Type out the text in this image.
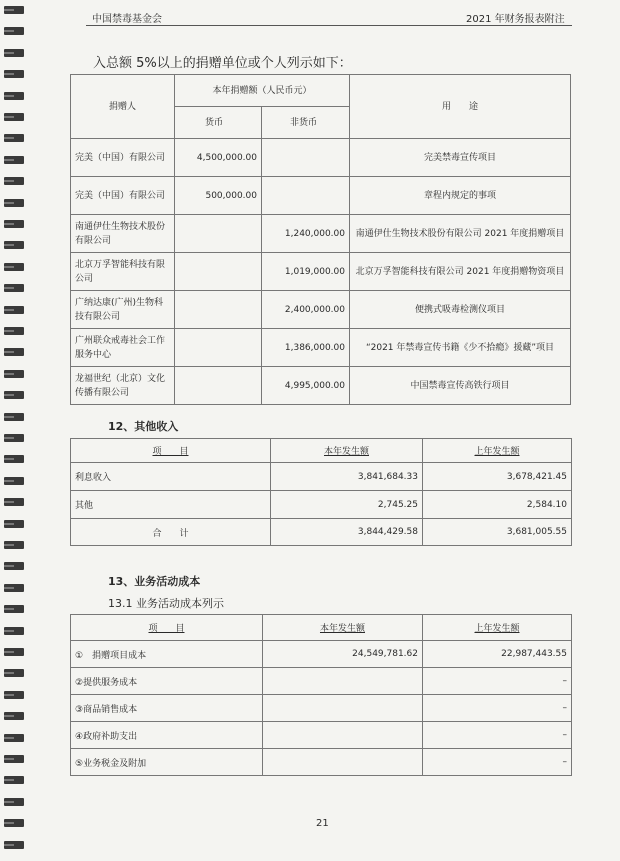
中国禁毒基金会	2021 年财务报表附注
入总额 5%以上的捐赠单位或个人列示如下：
捐赠人	本年捐赠额（人民币元）		用　　途
	货币	非货币	
完美（中国）有限公司	4,500,000.00		完美禁毒宣传项目
完美（中国）有限公司	500,000.00		章程内规定的事项
南通伊仕生物技术股份有限公司		1,240,000.00	南通伊仕生物技术股份有限公司 2021 年度捐赠项目
北京万孚智能科技有限公司		1,019,000.00	北京万孚智能科技有限公司 2021 年度捐赠物资项目
广纳达康(广州)生物科技有限公司		2,400,000.00	便携式吸毒检测仪项目
广州联众戒毒社会工作服务中心		1,386,000.00	“2021 年禁毒宣传书籍《少不拾瘾》援藏”项目
龙福世纪（北京）文化传播有限公司		4,995,000.00	中国禁毒宣传高铁行项目
12、其他收入
项　　目	本年发生额	上年发生额
利息收入	3,841,684.33	3,678,421.45
其他	2,745.25	2,584.10
合　　计	3,844,429.58	3,681,005.55
13、业务活动成本
13.1 业务活动成本列示
项　　目	本年发生额	上年发生额
①　捐赠项目成本	24,549,781.62	22,987,443.55
②提供服务成本		–
③商品销售成本		–
④政府补助支出		–
⑤业务税金及附加		–
21
